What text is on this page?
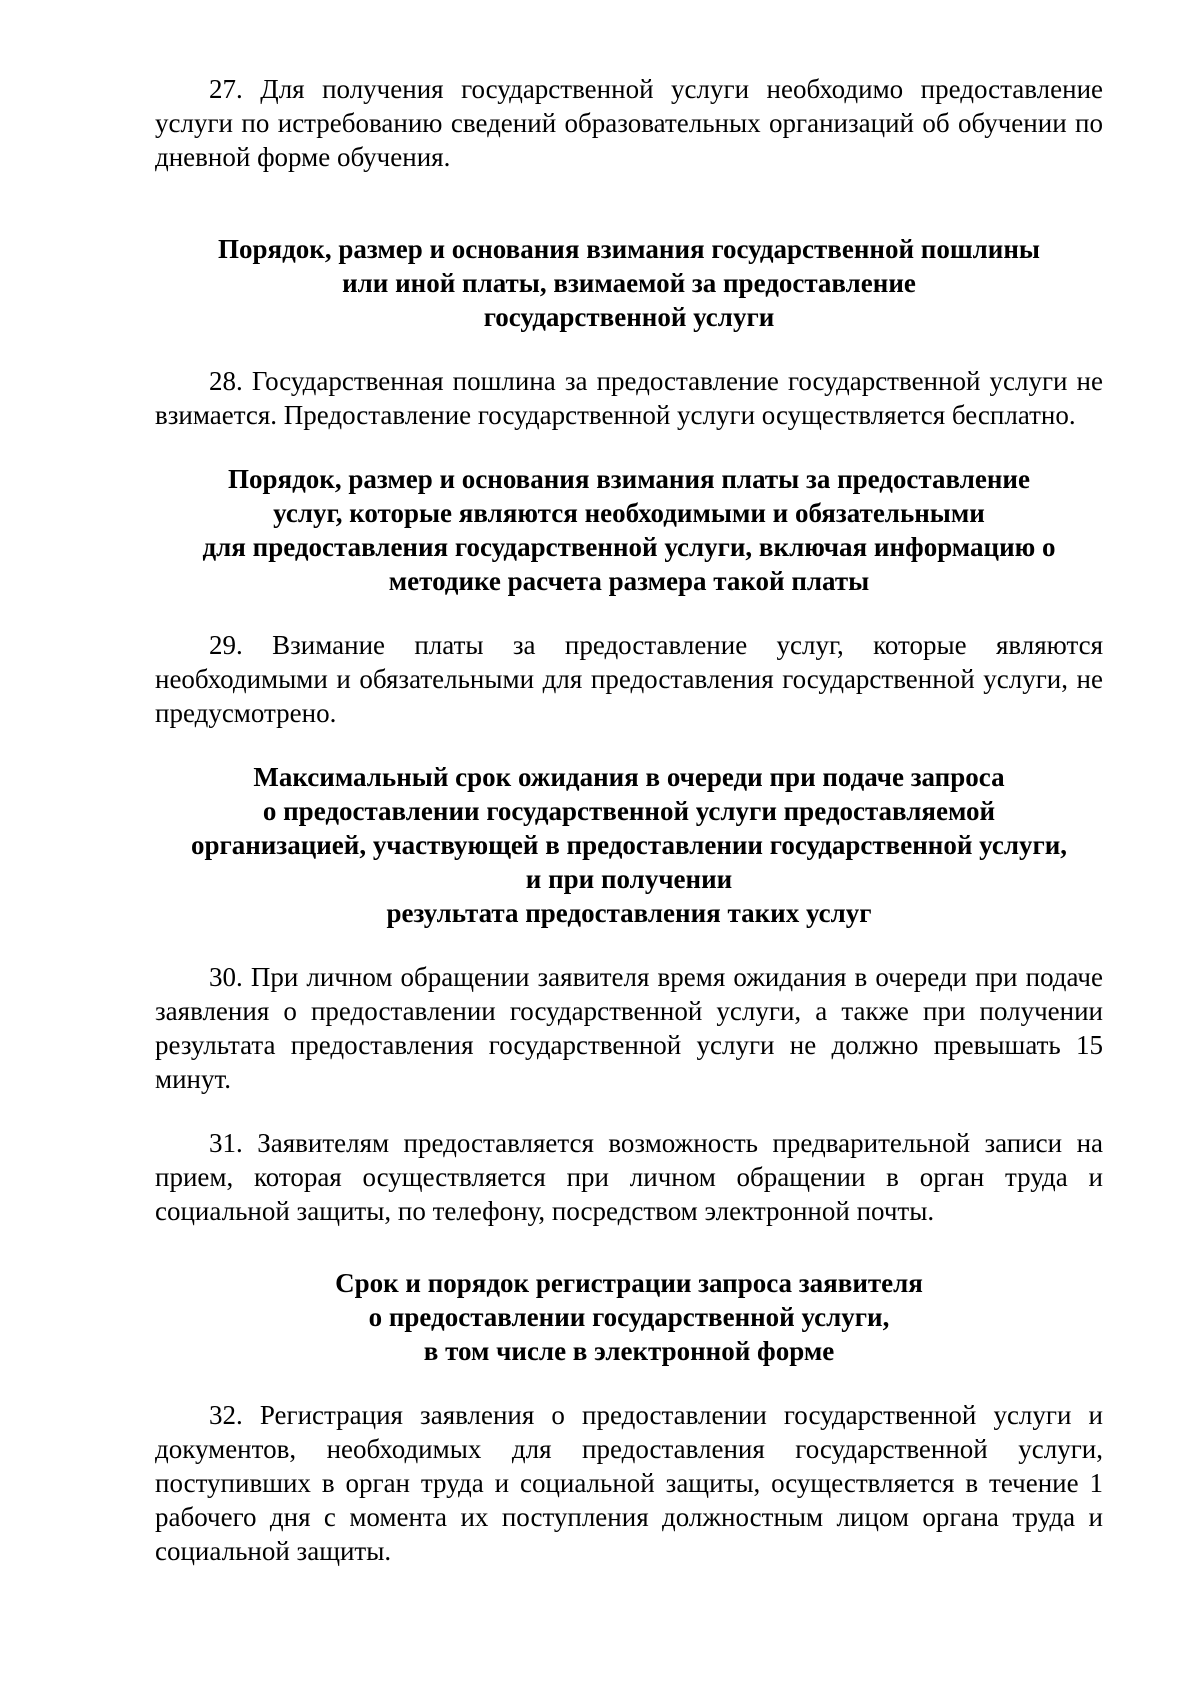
27. Для получения государственной услуги необходимо предоставление услуги по истребованию сведений образовательных организаций об обучении по дневной форме обучения.

Порядок, размер и основания взимания государственной пошлины
или иной платы, взимаемой за предоставление
государственной услуги

28. Государственная пошлина за предоставление государственной услуги не взимается. Предоставление государственной услуги осуществляется бесплатно.

Порядок, размер и основания взимания платы за предоставление
услуг, которые являются необходимыми и обязательными
для предоставления государственной услуги, включая информацию о
методике расчета размера такой платы

29. Взимание платы за предоставление услуг, которые являются необходимыми и обязательными для предоставления государственной услуги, не предусмотрено.

Максимальный срок ожидания в очереди при подаче запроса
о предоставлении государственной услуги предоставляемой
организацией, участвующей в предоставлении государственной услуги,
и при получении
результата предоставления таких услуг

30. При личном обращении заявителя время ожидания в очереди при подаче заявления о предоставлении государственной услуги, а также при получении результата предоставления государственной услуги не должно превышать 15 минут.

31. Заявителям предоставляется возможность предварительной записи на прием, которая осуществляется при личном обращении в орган труда и социальной защиты, по телефону, посредством электронной почты.

Срок и порядок регистрации запроса заявителя
о предоставлении государственной услуги,
в том числе в электронной форме

32. Регистрация заявления о предоставлении государственной услуги и документов, необходимых для предоставления государственной услуги, поступивших в орган труда и социальной защиты, осуществляется в течение 1 рабочего дня с момента их поступления должностным лицом органа труда и социальной защиты.
